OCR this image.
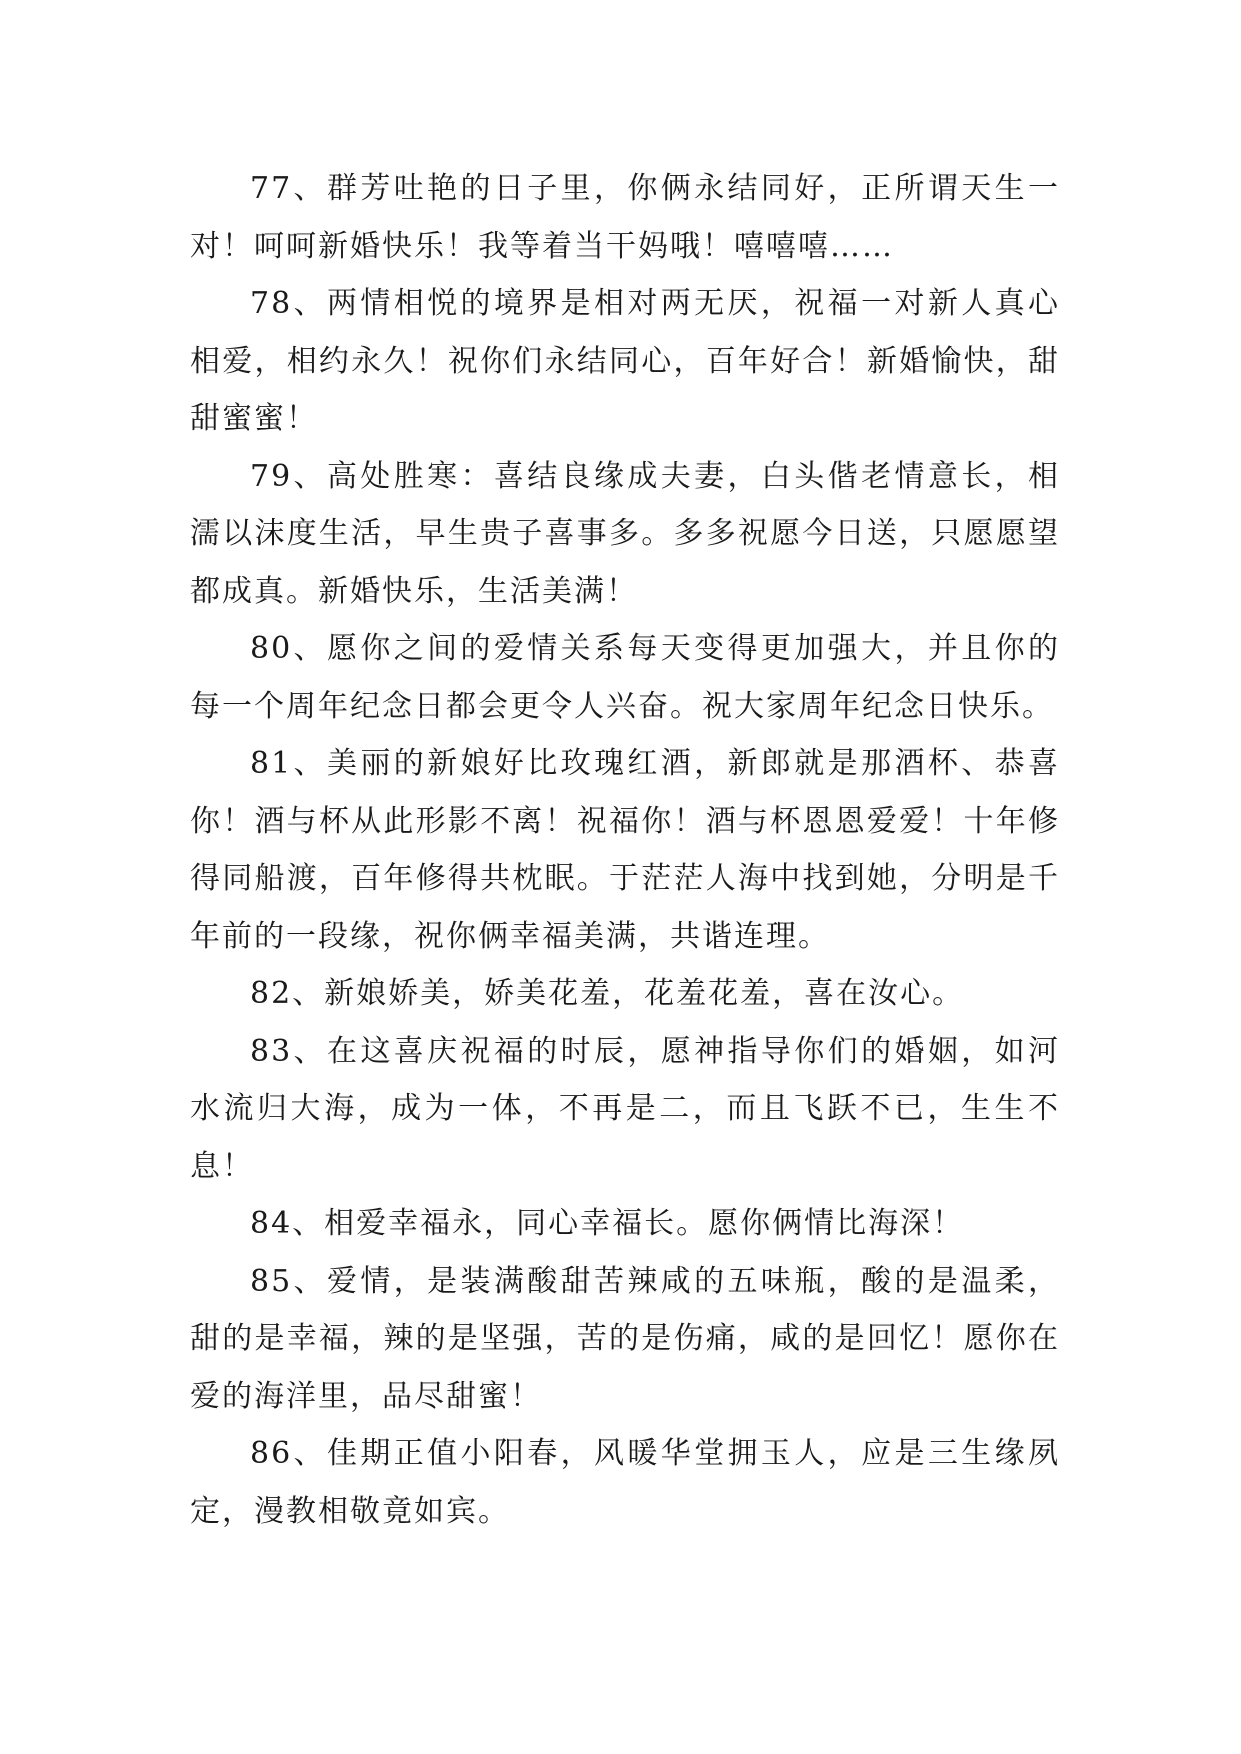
77、群芳吐艳的日子里，你俩永结同好，正所谓天生一对！呵呵新婚快乐！我等着当干妈哦！嘻嘻嘻……

78、两情相悦的境界是相对两无厌，祝福一对新人真心相爱，相约永久！祝你们永结同心，百年好合！新婚愉快，甜甜蜜蜜！

79、高处胜寒：喜结良缘成夫妻，白头偕老情意长，相濡以沫度生活，早生贵子喜事多。多多祝愿今日送，只愿愿望都成真。新婚快乐，生活美满！

80、愿你之间的爱情关系每天变得更加强大，并且你的每一个周年纪念日都会更令人兴奋。祝大家周年纪念日快乐。

81、美丽的新娘好比玫瑰红酒，新郎就是那酒杯、恭喜你！酒与杯从此形影不离！祝福你！酒与杯恩恩爱爱！十年修得同船渡，百年修得共枕眠。于茫茫人海中找到她，分明是千年前的一段缘，祝你俩幸福美满，共谐连理。

82、新娘娇美，娇美花羞，花羞花羞，喜在汝心。

83、在这喜庆祝福的时辰，愿神指导你们的婚姻，如河水流归大海，成为一体，不再是二，而且飞跃不已，生生不息！

84、相爱幸福永，同心幸福长。愿你俩情比海深！

85、爱情，是装满酸甜苦辣咸的五味瓶，酸的是温柔，甜的是幸福，辣的是坚强，苦的是伤痛，咸的是回忆！愿你在爱的海洋里，品尽甜蜜！

86、佳期正值小阳春，风暖华堂拥玉人，应是三生缘夙定，漫教相敬竟如宾。
